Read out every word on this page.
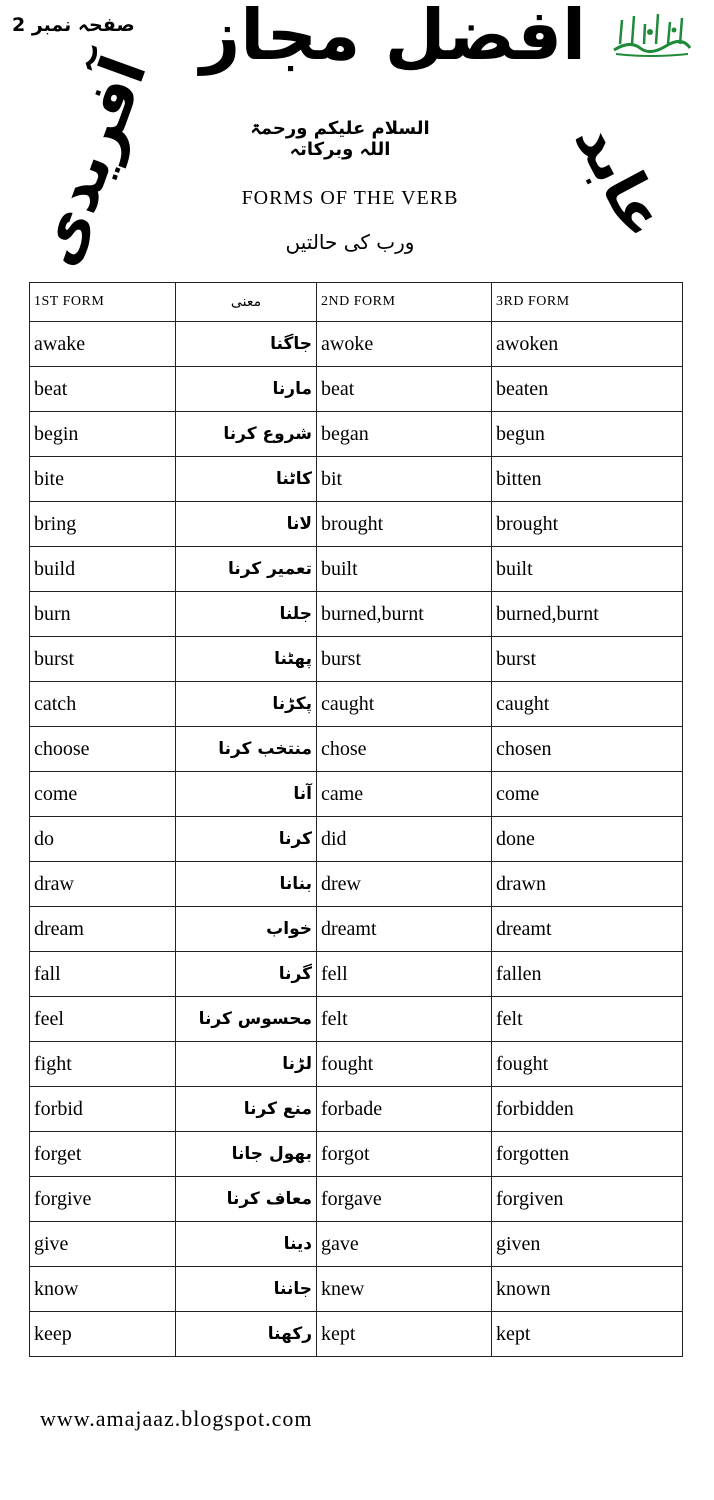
صفحہ نمبر 2 افضل مجاز
آفریدی	عابد
السلام علیکم ورحمۃ اللہ وبرکاتہ
FORMS OF THE VERB
ورب کی حالتیں
1ST FORM	معنی	2ND FORM	3RD FORM
awake	جاگنا	awoke	awoken
beat	مارنا	beat	beaten
begin	شروع کرنا	began	begun
bite	کاٹنا	bit	bitten
bring	لانا	brought	brought
build	تعمیر کرنا	built	built
burn	جلنا	burned,burnt	burned,burnt
burst	پھٹنا	burst	burst
catch	پکڑنا	caught	caught
choose	منتخب کرنا	chose	chosen
come	آنا	came	come
do	کرنا	did	done
draw	بنانا	drew	drawn
dream	خواب	dreamt	dreamt
fall	گرنا	fell	fallen
feel	محسوس کرنا	felt	felt
fight	لڑنا	fought	fought
forbid	منع کرنا	forbade	forbidden
forget	بھول جانا	forgot	forgotten
forgive	معاف کرنا	forgave	forgiven
give	دینا	gave	given
know	جاننا	knew	known
keep	رکھنا	kept	kept
www.amajaaz.blogspot.com
